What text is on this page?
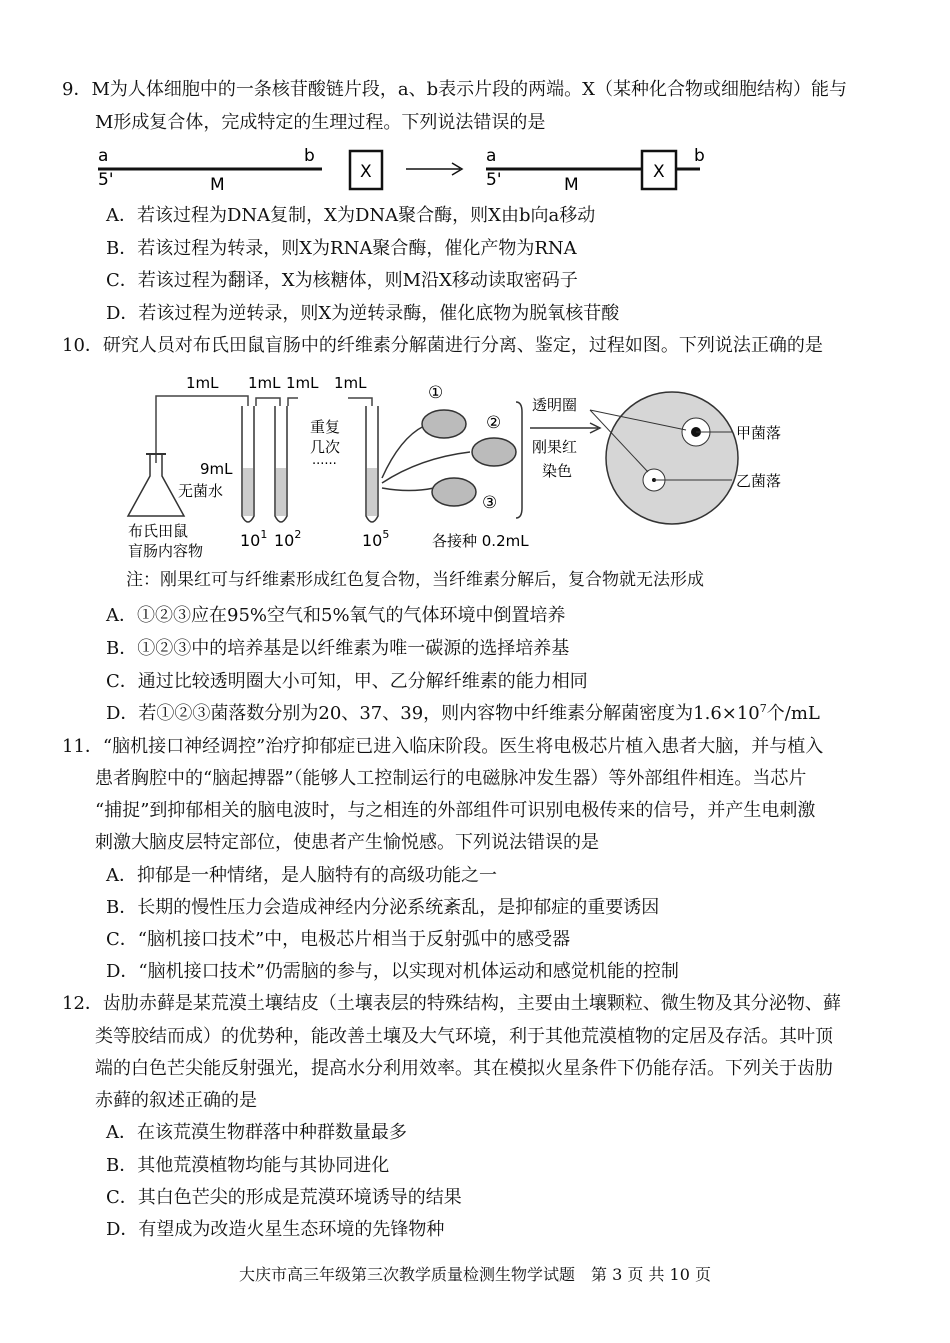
9．M为人体细胞中的一条核苷酸链片段，a、b表示片段的两端。X（某种化合物或细胞结构）能与
M形成复合体，完成特定的生理过程。下列说法错误的是
a
5'
b
M
X
a
5'	X
b
M
A．若该过程为DNA复制，X为DNA聚合酶，则X由b向a移动
B．若该过程为转录，则X为RNA聚合酶，催化产物为RNA
C．若该过程为翻译，X为核糖体，则M沿X移动读取密码子
D．若该过程为逆转录，则X为逆转录酶，催化底物为脱氧核苷酸
10．研究人员对布氏田鼠盲肠中的纤维素分解菌进行分离、鉴定，过程如图。下列说法正确的是
1mL 1mL 1mL 1mL
布氏田鼠
盲肠内容物
9mL
无菌水
$10^1$ $10^2$	$10^5$
重复
几次
······
①
②
③
各接种 0.2mL
透明圈
刚果红
染色
甲菌落
乙菌落
注：刚果红可与纤维素形成红色复合物，当纤维素分解后，复合物就无法形成
A．①②③应在95%空气和5%氧气的气体环境中倒置培养
B．①②③中的培养基是以纤维素为唯一碳源的选择培养基
C．通过比较透明圈大小可知，甲、乙分解纤维素的能力相同
D．若①②③菌落数分别为20、37、39，则内容物中纤维素分解菌密度为$1.6\times 10^7$个/mL
11．“脑机接口神经调控”治疗抑郁症已进入临床阶段。医生将电极芯片植入患者大脑，并与植入
患者胸腔中的“脑起搏器”（能够人工控制运行的电磁脉冲发生器）等外部组件相连。当芯片
“捕捉”到抑郁相关的脑电波时，与之相连的外部组件可识别电极传来的信号，并产生电刺激
刺激大脑皮层特定部位，使患者产生愉悦感。下列说法错误的是
A．抑郁是一种情绪，是人脑特有的高级功能之一
B．长期的慢性压力会造成神经内分泌系统紊乱，是抑郁症的重要诱因
C．“脑机接口技术”中，电极芯片相当于反射弧中的感受器
D．“脑机接口技术”仍需脑的参与，以实现对机体运动和感觉机能的控制
12．齿肋赤藓是某荒漠土壤结皮（土壤表层的特殊结构，主要由土壤颗粒、微生物及其分泌物、藓
类等胶结而成）的优势种，能改善土壤及大气环境，利于其他荒漠植物的定居及存活。其叶顶
端的白色芒尖能反射强光，提高水分利用效率。其在模拟火星条件下仍能存活。下列关于齿肋
赤藓的叙述正确的是
A．在该荒漠生物群落中种群数量最多
B．其他荒漠植物均能与其协同进化
C．其白色芒尖的形成是荒漠环境诱导的结果
D．有望成为改造火星生态环境的先锋物种
大庆市高三年级第三次教学质量检测生物学试题　第 3 页 共 10 页
